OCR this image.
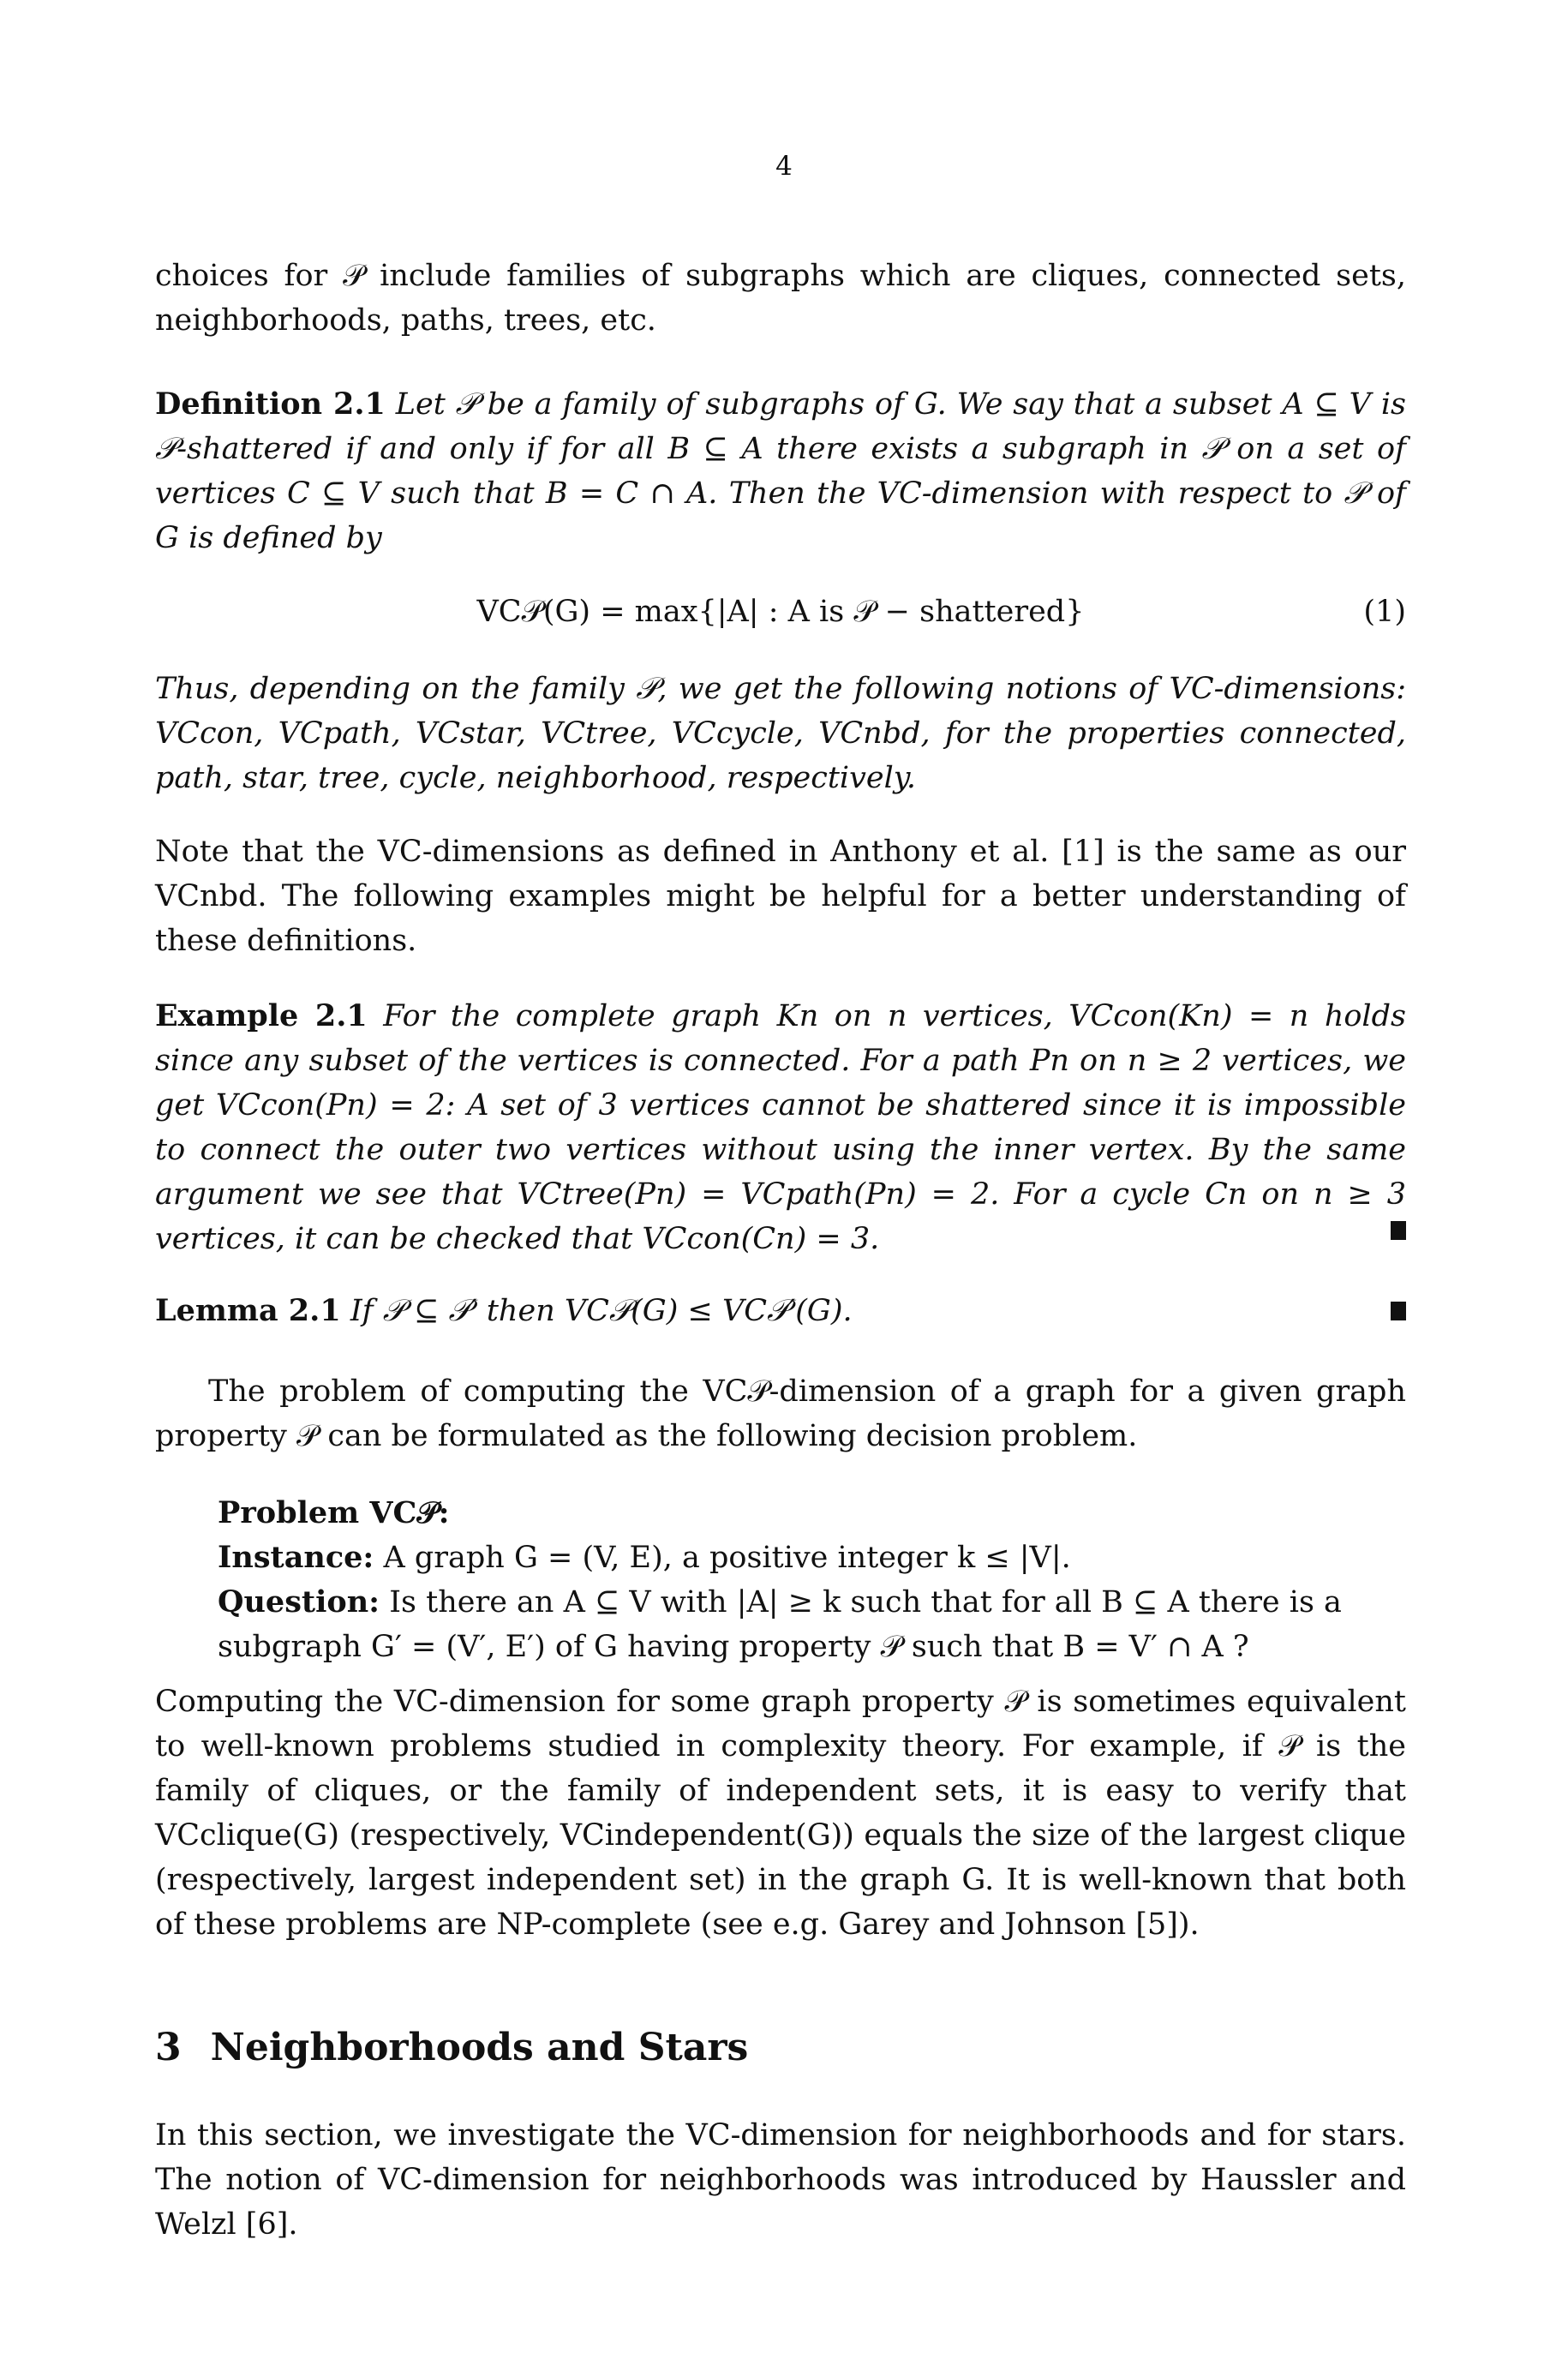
4

choices for 𝒫 include families of subgraphs which are cliques, connected sets, neighborhoods, paths, trees, etc.

Definition 2.1 Let 𝒫 be a family of subgraphs of G. We say that a subset A ⊆ V is 𝒫-shattered if and only if for all B ⊆ A there exists a subgraph in 𝒫 on a set of vertices C ⊆ V such that B = C ∩ A. Then the VC-dimension with respect to 𝒫 of G is defined by

VC𝒫(G) = max{|A| : A is 𝒫 − shattered}	(1)

Thus, depending on the family 𝒫, we get the following notions of VC-dimensions: VCcon, VCpath, VCstar, VCtree, VCcycle, VCnbd, for the properties connected, path, star, tree, cycle, neighborhood, respectively.

Note that the VC-dimensions as defined in Anthony et al. [1] is the same as our VCnbd. The following examples might be helpful for a better understanding of these definitions.

Example 2.1 For the complete graph Kn on n vertices, VCcon(Kn) = n holds since any subset of the vertices is connected. For a path Pn on n ≥ 2 vertices, we get VCcon(Pn) = 2: A set of 3 vertices cannot be shattered since it is impossible to connect the outer two vertices without using the inner vertex. By the same argument we see that VCtree(Pn) = VCpath(Pn) = 2. For a cycle Cn on n ≥ 3 vertices, it can be checked that VCcon(Cn) = 3.

Lemma 2.1 If 𝒫 ⊆ 𝒫′ then VC𝒫(G) ≤ VC𝒫′(G).

The problem of computing the VC𝒫-dimension of a graph for a given graph property 𝒫 can be formulated as the following decision problem.

Problem VC𝒫:
Instance: A graph G = (V, E), a positive integer k ≤ |V|.
Question: Is there an A ⊆ V with |A| ≥ k such that for all B ⊆ A there is a subgraph G′ = (V′, E′) of G having property 𝒫 such that B = V′ ∩ A ?

Computing the VC-dimension for some graph property 𝒫 is sometimes equivalent to well-known problems studied in complexity theory. For example, if 𝒫 is the family of cliques, or the family of independent sets, it is easy to verify that VCclique(G) (respectively, VCindependent(G)) equals the size of the largest clique (respectively, largest independent set) in the graph G. It is well-known that both of these problems are NP-complete (see e.g. Garey and Johnson [5]).

3 Neighborhoods and Stars

In this section, we investigate the VC-dimension for neighborhoods and for stars. The notion of VC-dimension for neighborhoods was introduced by Haussler and Welzl [6].
